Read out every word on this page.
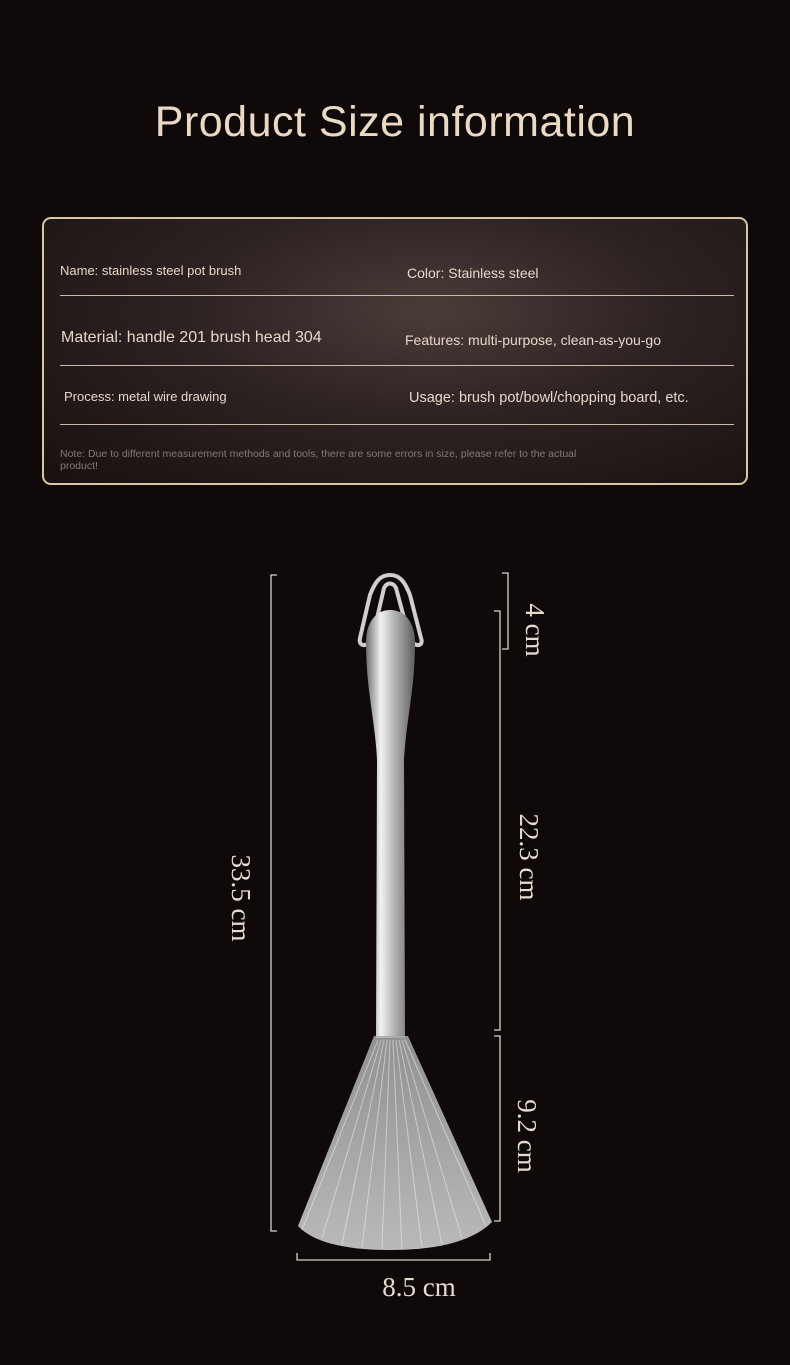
Product Size information
Name: stainless steel pot brush	Color: Stainless steel
Material: handle 201 brush head 304	Features: multi-purpose, clean-as-you-go
Process: metal wire drawing	Usage: brush pot/bowl/chopping board, etc.
Note: Due to different measurement methods and tools, there are some errors in size, please refer to the actual product!
33.5 cm
4 cm
22.3 cm
9.2 cm
8.5 cm
